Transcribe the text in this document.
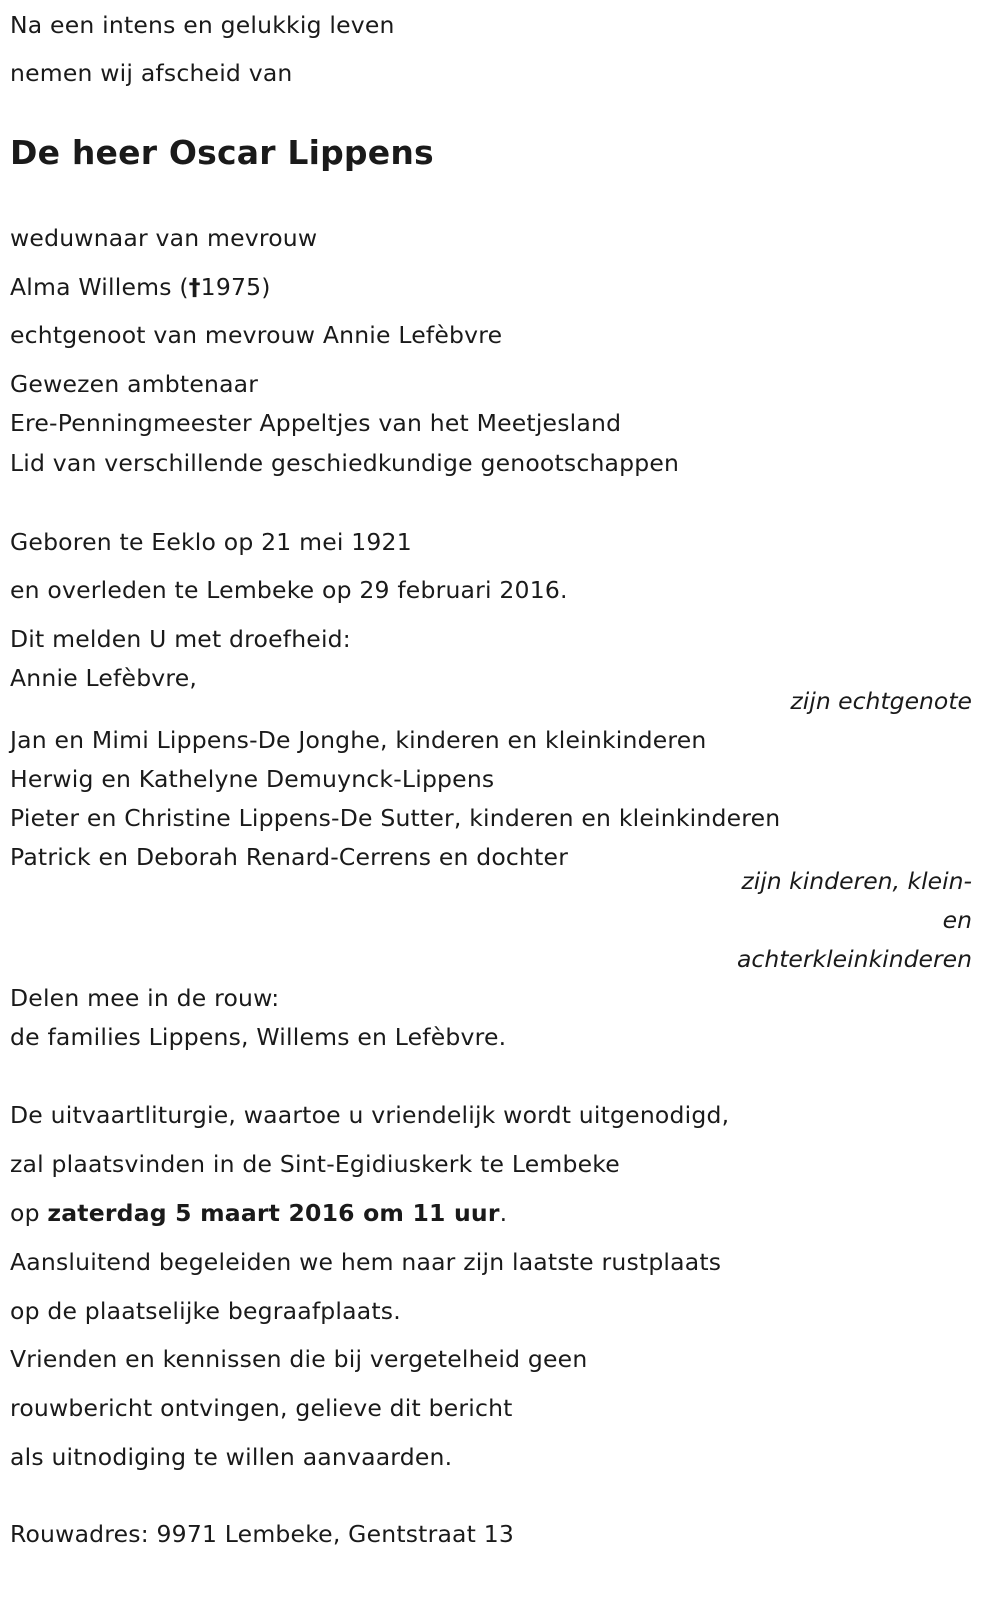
Na een intens en gelukkig leven
nemen wij afscheid van
De heer Oscar Lippens
weduwnaar van mevrouw
Alma Willems (†1975)
echtgenoot van mevrouw Annie Lefèbvre
Gewezen ambtenaar
Ere-Penningmeester Appeltjes van het Meetjesland
Lid van verschillende geschiedkundige genootschappen
Geboren te Eeklo op 21 mei 1921
en overleden te Lembeke op 29 februari 2016.
Dit melden U met droefheid:
Annie Lefèbvre,
zijn echtgenote
Jan en Mimi Lippens-De Jonghe, kinderen en kleinkinderen
Herwig en Kathelyne Demuynck-Lippens
Pieter en Christine Lippens-De Sutter, kinderen en kleinkinderen
Patrick en Deborah Renard-Cerrens en dochter
zijn kinderen, klein-
en
achterkleinkinderen
Delen mee in de rouw:
de families Lippens, Willems en Lefèbvre.
De uitvaartliturgie, waartoe u vriendelijk wordt uitgenodigd,
zal plaatsvinden in de Sint-Egidiuskerk te Lembeke
op zaterdag 5 maart 2016 om 11 uur.
Aansluitend begeleiden we hem naar zijn laatste rustplaats
op de plaatselijke begraafplaats.
Vrienden en kennissen die bij vergetelheid geen
rouwbericht ontvingen, gelieve dit bericht
als uitnodiging te willen aanvaarden.
Rouwadres: 9971 Lembeke, Gentstraat 13
